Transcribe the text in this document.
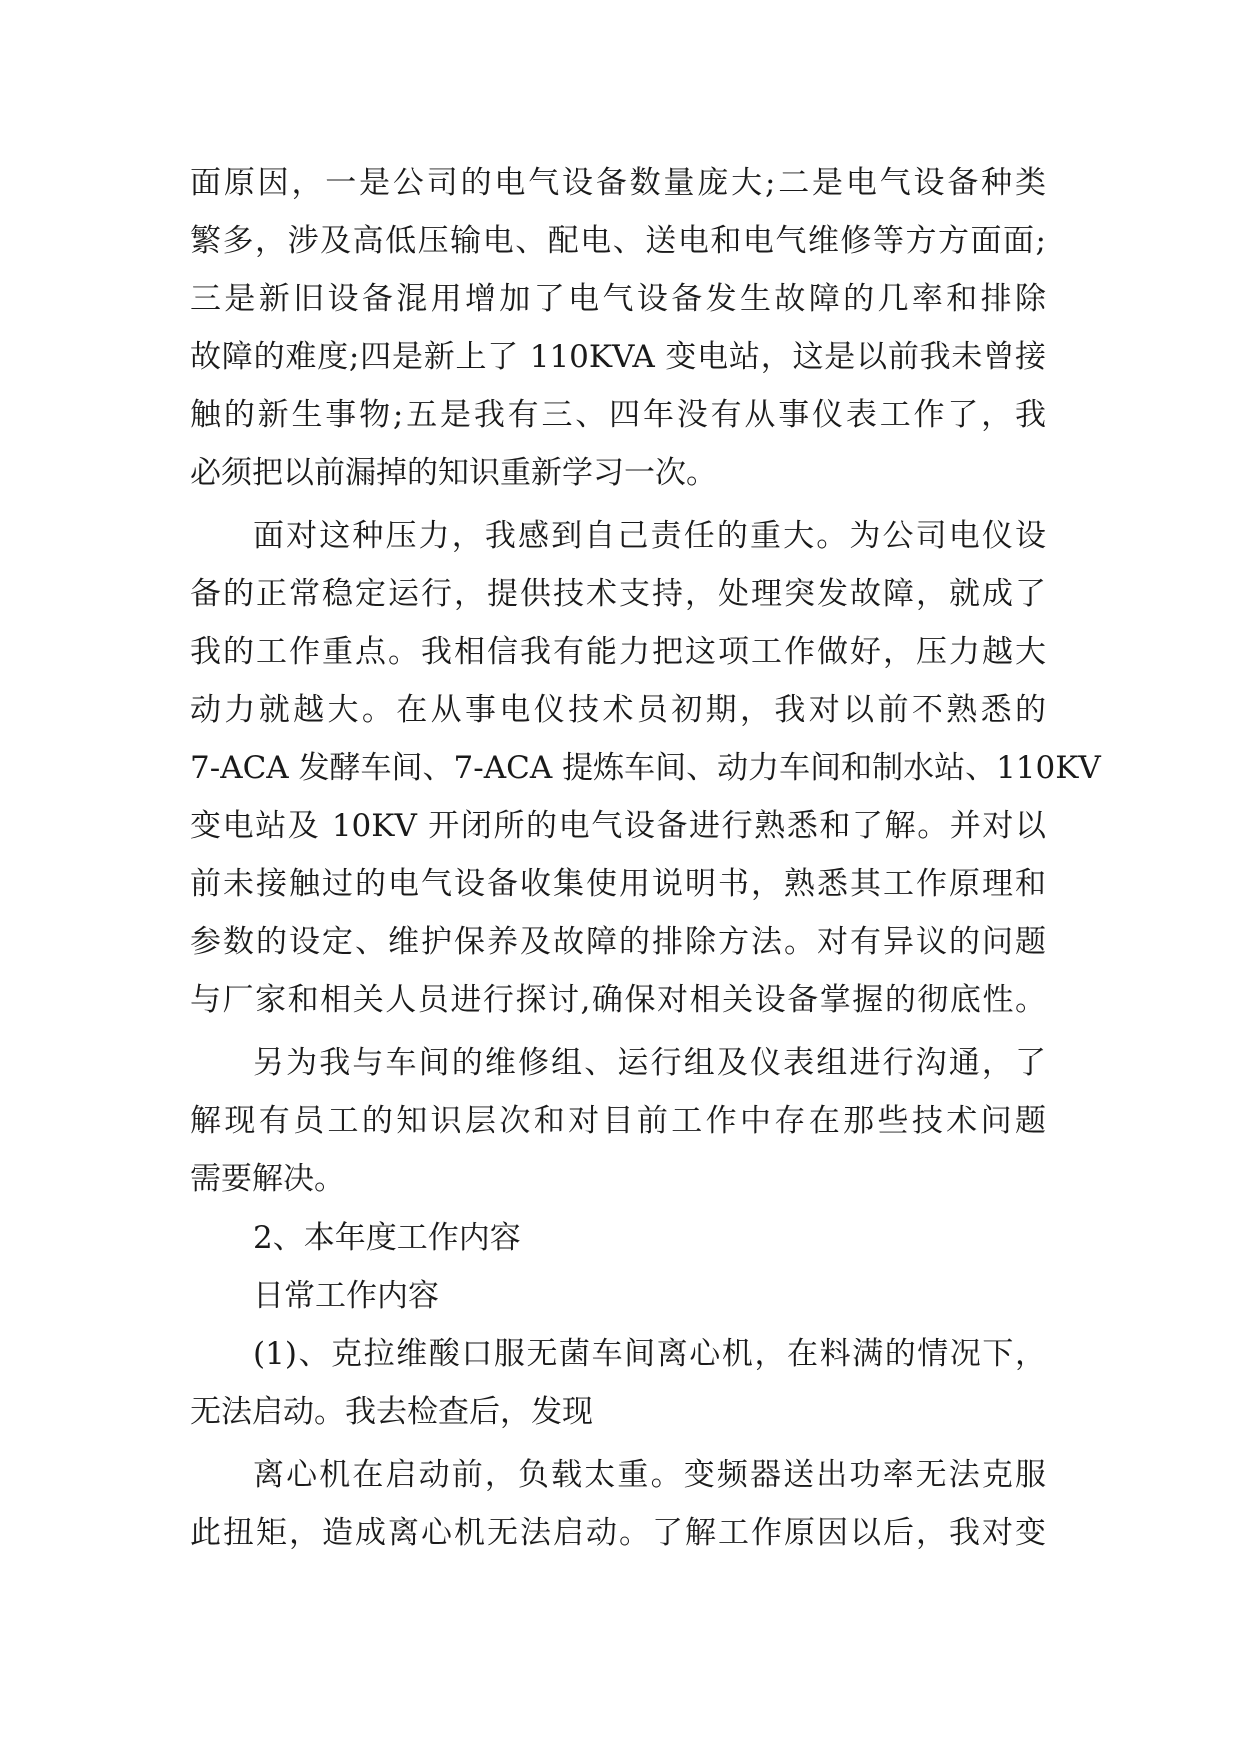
面原因，一是公司的电气设备数量庞大;二是电气设备种类
繁多，涉及高低压输电、配电、送电和电气维修等方方面面;
三是新旧设备混用增加了电气设备发生故障的几率和排除
故障的难度;四是新上了 110KVA 变电站，这是以前我未曾接
触的新生事物;五是我有三、四年没有从事仪表工作了，我
必须把以前漏掉的知识重新学习一次。
面对这种压力，我感到自己责任的重大。为公司电仪设
备的正常稳定运行，提供技术支持，处理突发故障，就成了
我的工作重点。我相信我有能力把这项工作做好，压力越大
动力就越大。在从事电仪技术员初期，我对以前不熟悉的
7-ACA 发酵车间、7-ACA 提炼车间、动力车间和制水站、110KV
变电站及 10KV 开闭所的电气设备进行熟悉和了解。并对以
前未接触过的电气设备收集使用说明书，熟悉其工作原理和
参数的设定、维护保养及故障的排除方法。对有异议的问题
与厂家和相关人员进行探讨,确保对相关设备掌握的彻底性。
另为我与车间的维修组、运行组及仪表组进行沟通，了
解现有员工的知识层次和对目前工作中存在那些技术问题
需要解决。
2、本年度工作内容
日常工作内容
(1)、克拉维酸口服无菌车间离心机，在料满的情况下，
无法启动。我去检查后，发现
离心机在启动前，负载太重。变频器送出功率无法克服
此扭矩，造成离心机无法启动。了解工作原因以后，我对变
